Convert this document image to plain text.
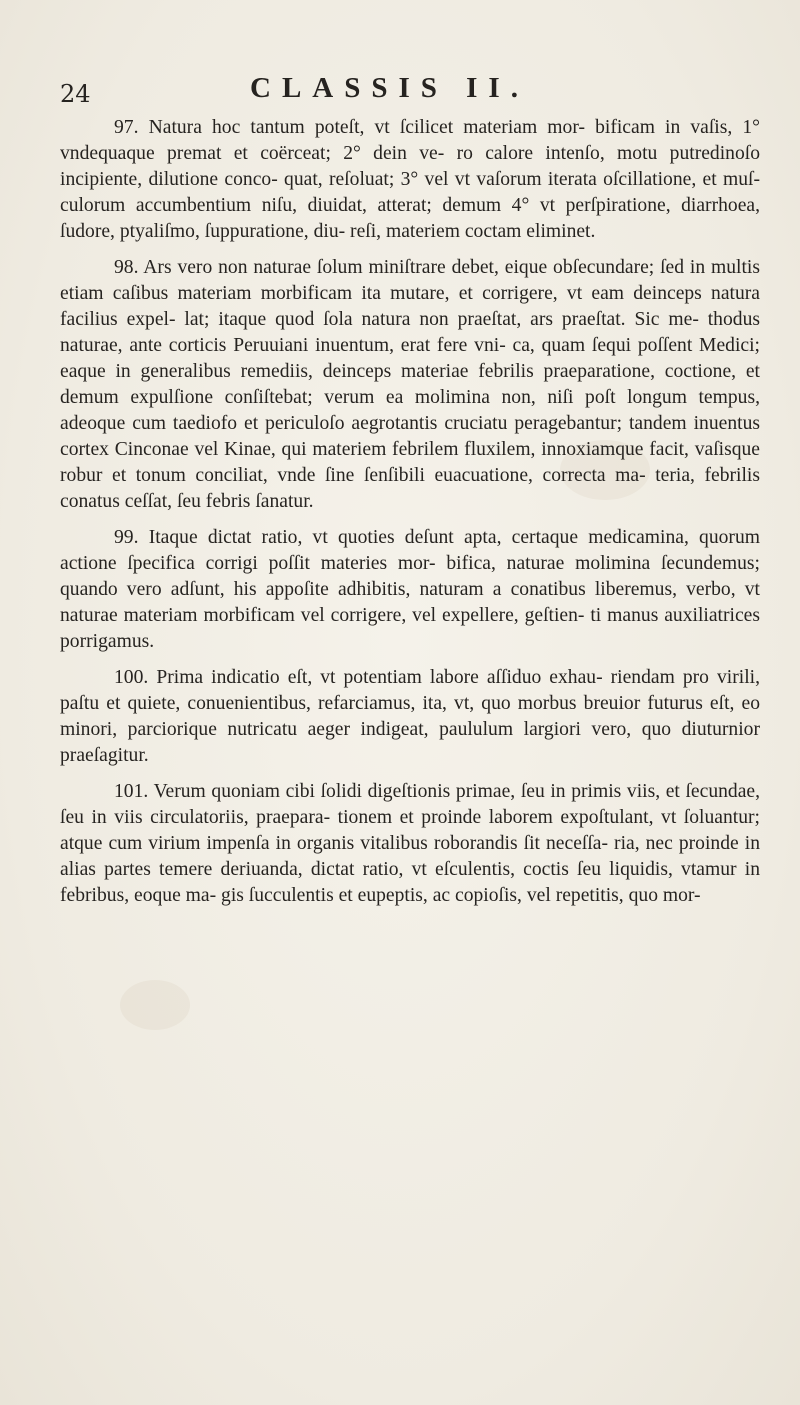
24	CLASSIS II.

97. Natura hoc tantum poteſt, vt ſcilicet materiam mor- bificam in vaſis, 1° vndequaque premat et coërceat; 2° dein ve- ro calore intenſo, motu putredinoſo incipiente, dilutione conco- quat, reſoluat; 3° vel vt vaſorum iterata oſcillatione, et muſ- culorum accumbentium niſu, diuidat, atterat; demum 4° vt perſpiratione, diarrhoea, ſudore, ptyaliſmo, ſuppuratione, diu- reſi, materiem coctam eliminet.

98. Ars vero non naturae ſolum miniſtrare debet, eique obſecundare; ſed in multis etiam caſibus materiam morbificam ita mutare, et corrigere, vt eam deinceps natura facilius expel- lat; itaque quod ſola natura non praeſtat, ars praeſtat. Sic me- thodus naturae, ante corticis Peruuiani inuentum, erat fere vni- ca, quam ſequi poſſent Medici; eaque in generalibus remediis, deinceps materiae febrilis praeparatione, coctione, et demum expulſione conſiſtebat; verum ea molimina non, niſi poſt longum tempus, adeoque cum taediofo et periculoſo aegrotantis cruciatu peragebantur; tandem inuentus cortex Cinconae vel Kinae, qui materiem febrilem fluxilem, innoxiamque facit, vaſisque robur et tonum conciliat, vnde ſine ſenſibili euacuatione, correcta ma- teria, febrilis conatus ceſſat, ſeu febris ſanatur.

99. Itaque dictat ratio, vt quoties deſunt apta, certaque medicamina, quorum actione ſpecifica corrigi poſſit materies mor- bifica, naturae molimina ſecundemus; quando vero adſunt, his appoſite adhibitis, naturam a conatibus liberemus, verbo, vt naturae materiam morbificam vel corrigere, vel expellere, geſtien- ti manus auxiliatrices porrigamus.

100. Prima indicatio eſt, vt potentiam labore aſſiduo exhau- riendam pro virili, paſtu et quiete, conuenientibus, refarciamus, ita, vt, quo morbus breuior futurus eſt, eo minori, parciorique nutricatu aeger indigeat, paululum largiori vero, quo diuturnior praeſagitur.

101. Verum quoniam cibi ſolidi digeſtionis primae, ſeu in primis viis, et ſecundae, ſeu in viis circulatoriis, praepara- tionem et proinde laborem expoſtulant, vt ſoluantur; atque cum virium impenſa in organis vitalibus roborandis ſit neceſſa- ria, nec proinde in alias partes temere deriuanda, dictat ratio, vt eſculentis, coctis ſeu liquidis, vtamur in febribus, eoque ma- gis ſucculentis et eupeptis, ac copioſis, vel repetitis, quo mor-
